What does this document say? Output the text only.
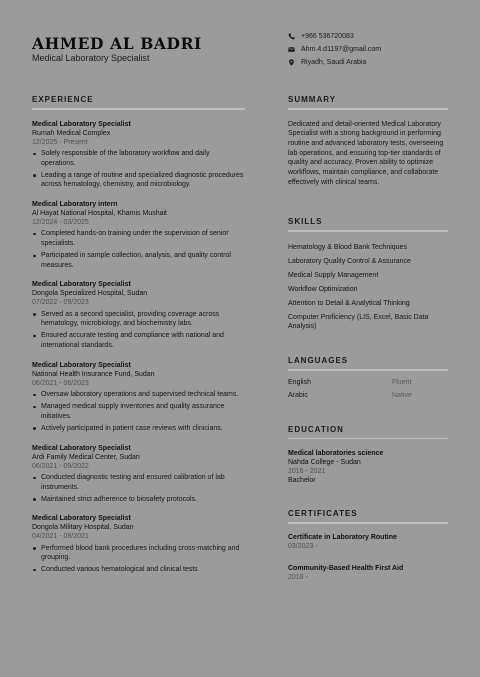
AHMED AL BADRI
Medical Laboratory Specialist
+966 536720083
Ahm.4.d1197@gmail.com
Riyadh, Saudi Arabia
EXPERIENCE
Medical Laboratory Specialist
Rumah Medical Complex
12/2025 - Present
Solely responsible of the laboratory workflow and daily operations.
Leading a range of routine and specialized diagnostic procedures across hematology, chemistry, and microbiology.
Medical Laboratory intern
Al Hayat National Hospital, Khamis Mushait
12/2024 - 03/2025
Completed hands-on training under the supervision of senior specialists.
Participated in sample collection, analysis, and quality control measures.
Medical Laboratory Specialist
Dongola Specialized Hospital, Sudan
07/2022 - 09/2023
Served as a second specialist, providing coverage across hematology, microbiology, and biochemistry labs.
Ensured accurate testing and compliance with national and international standards.
Medical Laboratory Specialist
National Health Insurance Fund, Sudan
06/2021 - 06/2023
Oversaw laboratory operations and supervised technical teams.
Managed medical supply inventories and quality assurance initiatives.
Actively participated in patient case reviews with clinicians.
Medical Laboratory Specialist
Ardi Family Medical Center, Sudan
06/2021 - 09/2022
Conducted diagnostic testing and ensured calibration of lab instruments.
Maintained strict adherence to biosafety protocols.
Medical Laboratory Specialist
Dongola Military Hospital, Sudan
04/2021 - 08/2021
Performed blood bank procedures including cross-matching and grouping.
Conducted various hematological and clinical tests
SUMMARY
Dedicated and detail-oriented Medical Laboratory Specialist with a strong background in performing routine and advanced laboratory tests, overseeing lab operations, and ensuring top-tier standards of quality and accuracy. Proven ability to optimize workflows, maintain compliance, and collaborate effectively with clinical teams.
SKILLS
Hematology & Blood Bank Techniques
Laboratory Quality Control & Assurance
Medical Supply Management
Workflow Optimization
Attention to Detail & Analytical Thinking
Computer Proficiency (LIS, Excel, Basic Data Analysis)
LANGUAGES
English	Fluent
Arabic	Native
EDUCATION
Medical laboratories science
Nahda College - Sudan
2016 - 2021
Bachelor
CERTIFICATES
Certificate in Laboratory Routine
03/2023 -
Community-Based Health First Aid
2018 -
